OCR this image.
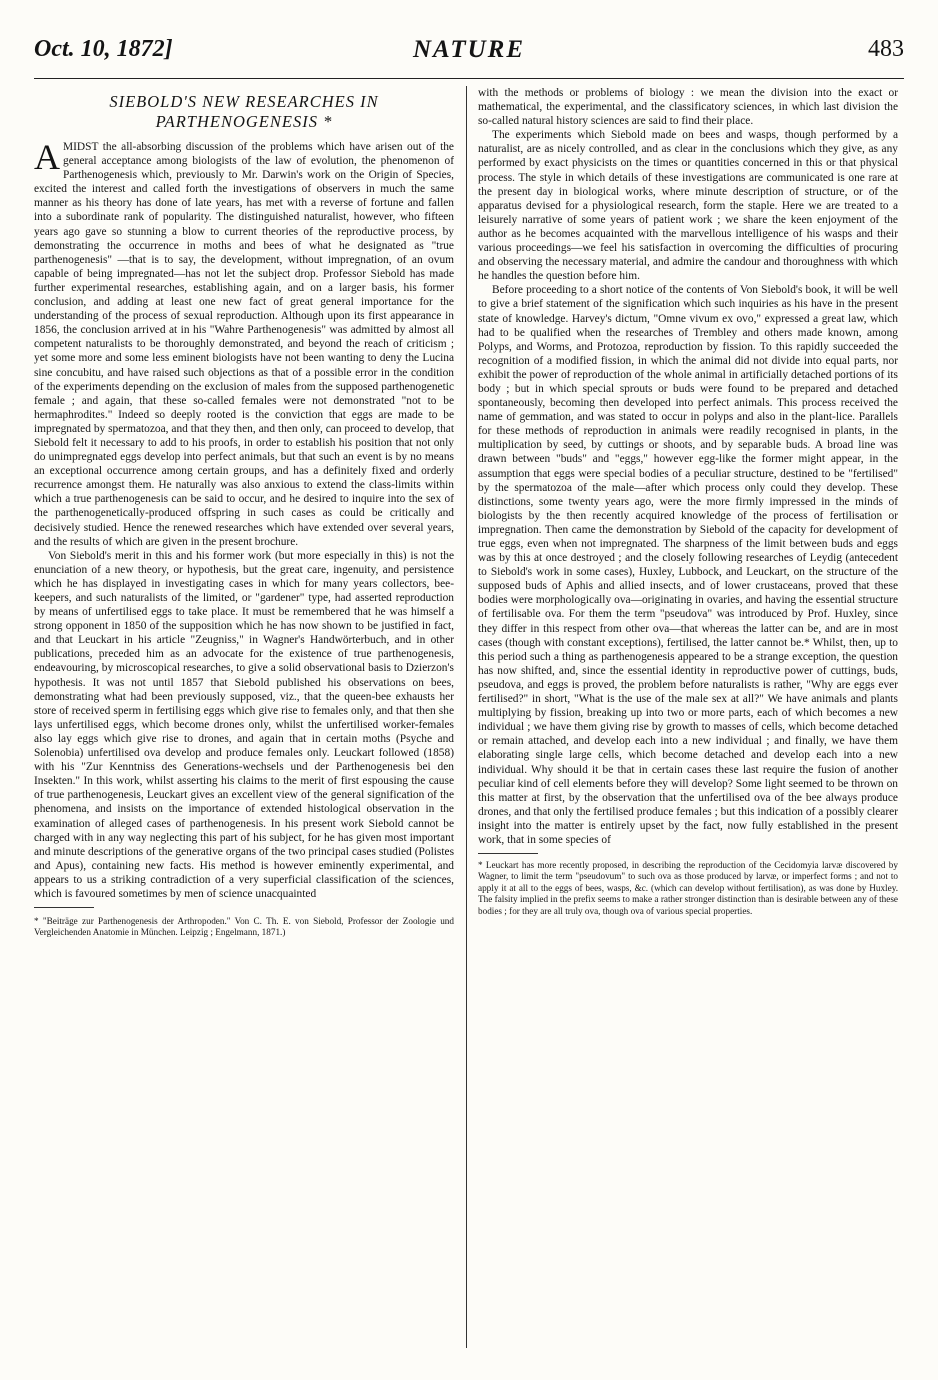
Oct. 10, 1872]	NATURE	483
SIEBOLD'S NEW RESEARCHES IN PARTHENOGENESIS *

AMIDST the all-absorbing discussion of the problems which have arisen out of the general acceptance among biologists of the law of evolution, the phenomenon of Parthenogenesis which, previously to Mr. Darwin's work on the Origin of Species, excited the interest and called forth the investigations of observers in much the same manner as his theory has done of late years, has met with a reverse of fortune and fallen into a subordinate rank of popularity. The distinguished naturalist, however, who fifteen years ago gave so stunning a blow to current theories of the reproductive process, by demonstrating the occurrence in moths and bees of what he designated as "true parthenogenesis" —that is to say, the development, without impregnation, of an ovum capable of being impregnated—has not let the subject drop. Professor Siebold has made further experimental researches, establishing again, and on a larger basis, his former conclusion, and adding at least one new fact of great general importance for the understanding of the process of sexual reproduction. Although upon its first appearance in 1856, the conclusion arrived at in his "Wahre Parthenogenesis" was admitted by almost all competent naturalists to be thoroughly demonstrated, and beyond the reach of criticism ; yet some more and some less eminent biologists have not been wanting to deny the Lucina sine concubitu, and have raised such objections as that of a possible error in the condition of the experiments depending on the exclusion of males from the supposed parthenogenetic female ; and again, that these so-called females were not demonstrated "not to be hermaphrodites." Indeed so deeply rooted is the conviction that eggs are made to be impregnated by spermatozoa, and that they then, and then only, can proceed to develop, that Siebold felt it necessary to add to his proofs, in order to establish his position that not only do unimpregnated eggs develop into perfect animals, but that such an event is by no means an exceptional occurrence among certain groups, and has a definitely fixed and orderly recurrence amongst them. He naturally was also anxious to extend the class-limits within which a true parthenogenesis can be said to occur, and he desired to inquire into the sex of the parthenogenetically-produced offspring in such cases as could be critically and decisively studied. Hence the renewed researches which have extended over several years, and the results of which are given in the present brochure.

Von Siebold's merit in this and his former work (but more especially in this) is not the enunciation of a new theory, or hypothesis, but the great care, ingenuity, and persistence which he has displayed in investigating cases in which for many years collectors, bee-keepers, and such naturalists of the limited, or "gardener" type, had asserted reproduction by means of unfertilised eggs to take place. It must be remembered that he was himself a strong opponent in 1850 of the supposition which he has now shown to be justified in fact, and that Leuckart in his article "Zeugniss," in Wagner's Handwörterbuch, and in other publications, preceded him as an advocate for the existence of true parthenogenesis, endeavouring, by microscopical researches, to give a solid observational basis to Dzierzon's hypothesis. It was not until 1857 that Siebold published his observations on bees, demonstrating what had been previously supposed, viz., that the queen-bee exhausts her store of received sperm in fertilising eggs which give rise to females only, and that then she lays unfertilised eggs, which become drones only, whilst the unfertilised worker-females also lay eggs which give rise to drones, and again that in certain moths (Psyche and Solenobia) unfertilised ova develop and produce females only. Leuckart followed (1858) with his "Zur Kenntniss des Generations-wechsels und der Parthenogenesis bei den Insekten." In this work, whilst asserting his claims to the merit of first espousing the cause of true parthenogenesis, Leuckart gives an excellent view of the general signification of the phenomena, and insists on the importance of extended histological observation in the examination of alleged cases of parthenogenesis. In his present work Siebold cannot be charged with in any way neglecting this part of his subject, for he has given most important and minute descriptions of the generative organs of the two principal cases studied (Polistes and Apus), containing new facts. His method is however eminently experimental, and appears to us a striking contradiction of a very superficial classification of the sciences, which is favoured sometimes by men of science unacquainted

* "Beiträge zur Parthenogenesis der Arthropoden." Von C. Th. E. von Siebold, Professor der Zoologie und Vergleichenden Anatomie in München. Leipzig ; Engelmann, 1871.)

with the methods or problems of biology : we mean the division into the exact or mathematical, the experimental, and the classificatory sciences, in which last division the so-called natural history sciences are said to find their place.

The experiments which Siebold made on bees and wasps, though performed by a naturalist, are as nicely controlled, and as clear in the conclusions which they give, as any performed by exact physicists on the times or quantities concerned in this or that physical process. The style in which details of these investigations are communicated is one rare at the present day in biological works, where minute description of structure, or of the apparatus devised for a physiological research, form the staple. Here we are treated to a leisurely narrative of some years of patient work ; we share the keen enjoyment of the author as he becomes acquainted with the marvellous intelligence of his wasps and their various proceedings—we feel his satisfaction in overcoming the difficulties of procuring and observing the necessary material, and admire the candour and thoroughness with which he handles the question before him.

Before proceeding to a short notice of the contents of Von Siebold's book, it will be well to give a brief statement of the signification which such inquiries as his have in the present state of knowledge. Harvey's dictum, "Omne vivum ex ovo," expressed a great law, which had to be qualified when the researches of Trembley and others made known, among Polyps, and Worms, and Protozoa, reproduction by fission. To this rapidly succeeded the recognition of a modified fission, in which the animal did not divide into equal parts, nor exhibit the power of reproduction of the whole animal in artificially detached portions of its body ; but in which special sprouts or buds were found to be prepared and detached spontaneously, becoming then developed into perfect animals. This process received the name of gemmation, and was stated to occur in polyps and also in the plant-lice. Parallels for these methods of reproduction in animals were readily recognised in plants, in the multiplication by seed, by cuttings or shoots, and by separable buds. A broad line was drawn between "buds" and "eggs," however egg-like the former might appear, in the assumption that eggs were special bodies of a peculiar structure, destined to be "fertilised" by the spermatozoa of the male—after which process only could they develop. These distinctions, some twenty years ago, were the more firmly impressed in the minds of biologists by the then recently acquired knowledge of the process of fertilisation or impregnation. Then came the demonstration by Siebold of the capacity for development of true eggs, even when not impregnated. The sharpness of the limit between buds and eggs was by this at once destroyed ; and the closely following researches of Leydig (antecedent to Siebold's work in some cases), Huxley, Lubbock, and Leuckart, on the structure of the supposed buds of Aphis and allied insects, and of lower crustaceans, proved that these bodies were morphologically ova—originating in ovaries, and having the essential structure of fertilisable ova. For them the term "pseudova" was introduced by Prof. Huxley, since they differ in this respect from other ova—that whereas the latter can be, and are in most cases (though with constant exceptions), fertilised, the latter cannot be.* Whilst, then, up to this period such a thing as parthenogenesis appeared to be a strange exception, the question has now shifted, and, since the essential identity in reproductive power of cuttings, buds, pseudova, and eggs is proved, the problem before naturalists is rather, "Why are eggs ever fertilised?" in short, "What is the use of the male sex at all?" We have animals and plants multiplying by fission, breaking up into two or more parts, each of which becomes a new individual ; we have them giving rise by growth to masses of cells, which become detached or remain attached, and develop each into a new individual ; and finally, we have them elaborating single large cells, which become detached and develop each into a new individual. Why should it be that in certain cases these last require the fusion of another peculiar kind of cell elements before they will develop? Some light seemed to be thrown on this matter at first, by the observation that the unfertilised ova of the bee always produce drones, and that only the fertilised produce females ; but this indication of a possibly clearer insight into the matter is entirely upset by the fact, now fully established in the present work, that in some species of

* Leuckart has more recently proposed, in describing the reproduction of the Cecidomyia larvæ discovered by Wagner, to limit the term "pseudovum" to such ova as those produced by larvæ, or imperfect forms ; and not to apply it at all to the eggs of bees, wasps, &c. (which can develop without fertilisation), as was done by Huxley. The falsity implied in the prefix seems to make a rather stronger distinction than is desirable between any of these bodies ; for they are all truly ova, though ova of various special properties.
